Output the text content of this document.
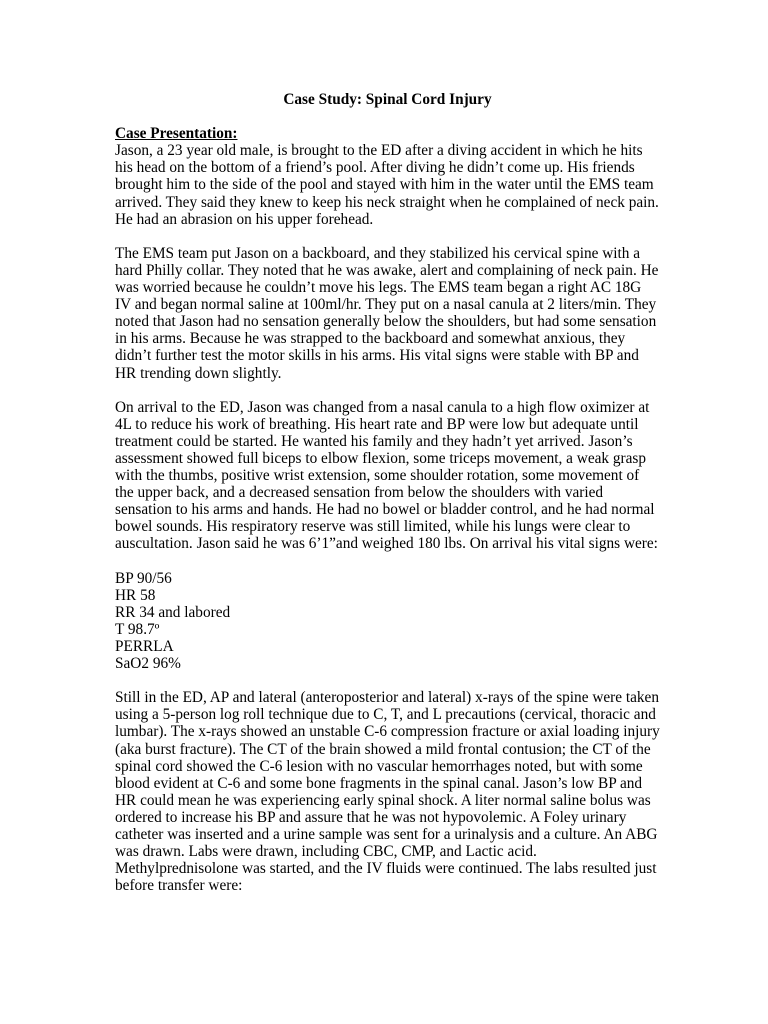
Case Study: Spinal Cord Injury
Case Presentation:

Jason, a 23 year old male, is brought to the ED after a diving accident in which he hits his head on the bottom of a friend’s pool. After diving he didn’t come up. His friends brought him to the side of the pool and stayed with him in the water until the EMS team arrived. They said they knew to keep his neck straight when he complained of neck pain. He had an abrasion on his upper forehead.

The EMS team put Jason on a backboard, and they stabilized his cervical spine with a hard Philly collar. They noted that he was awake, alert and complaining of neck pain. He was worried because he couldn’t move his legs. The EMS team began a right AC 18G IV and began normal saline at 100ml/hr. They put on a nasal canula at 2 liters/min. They noted that Jason had no sensation generally below the shoulders, but had some sensation in his arms. Because he was strapped to the backboard and somewhat anxious, they didn’t further test the motor skills in his arms. His vital signs were stable with BP and HR trending down slightly.

On arrival to the ED, Jason was changed from a nasal canula to a high flow oximizer at 4L to reduce his work of breathing. His heart rate and BP were low but adequate until treatment could be started. He wanted his family and they hadn’t yet arrived. Jason’s assessment showed full biceps to elbow flexion, some triceps movement, a weak grasp with the thumbs, positive wrist extension, some shoulder rotation, some movement of the upper back, and a decreased sensation from below the shoulders with varied sensation to his arms and hands. He had no bowel or bladder control, and he had normal bowel sounds. His respiratory reserve was still limited, while his lungs were clear to auscultation. Jason said he was 6’1”and weighed 180 lbs. On arrival his vital signs were:

BP 90/56
HR 58
RR 34 and labored
T 98.7º
PERRLA
SaO2 96%

Still in the ED, AP and lateral (anteroposterior and lateral) x-rays of the spine were taken using a 5-person log roll technique due to C, T, and L precautions (cervical, thoracic and lumbar). The x-rays showed an unstable C-6 compression fracture or axial loading injury (aka burst fracture). The CT of the brain showed a mild frontal contusion; the CT of the spinal cord showed the C-6 lesion with no vascular hemorrhages noted, but with some blood evident at C-6 and some bone fragments in the spinal canal. Jason’s low BP and HR could mean he was experiencing early spinal shock. A liter normal saline bolus was ordered to increase his BP and assure that he was not hypovolemic. A Foley urinary catheter was inserted and a urine sample was sent for a urinalysis and a culture. An ABG was drawn. Labs were drawn, including CBC, CMP, and Lactic acid. Methylprednisolone was started, and the IV fluids were continued. The labs resulted just before transfer were:
